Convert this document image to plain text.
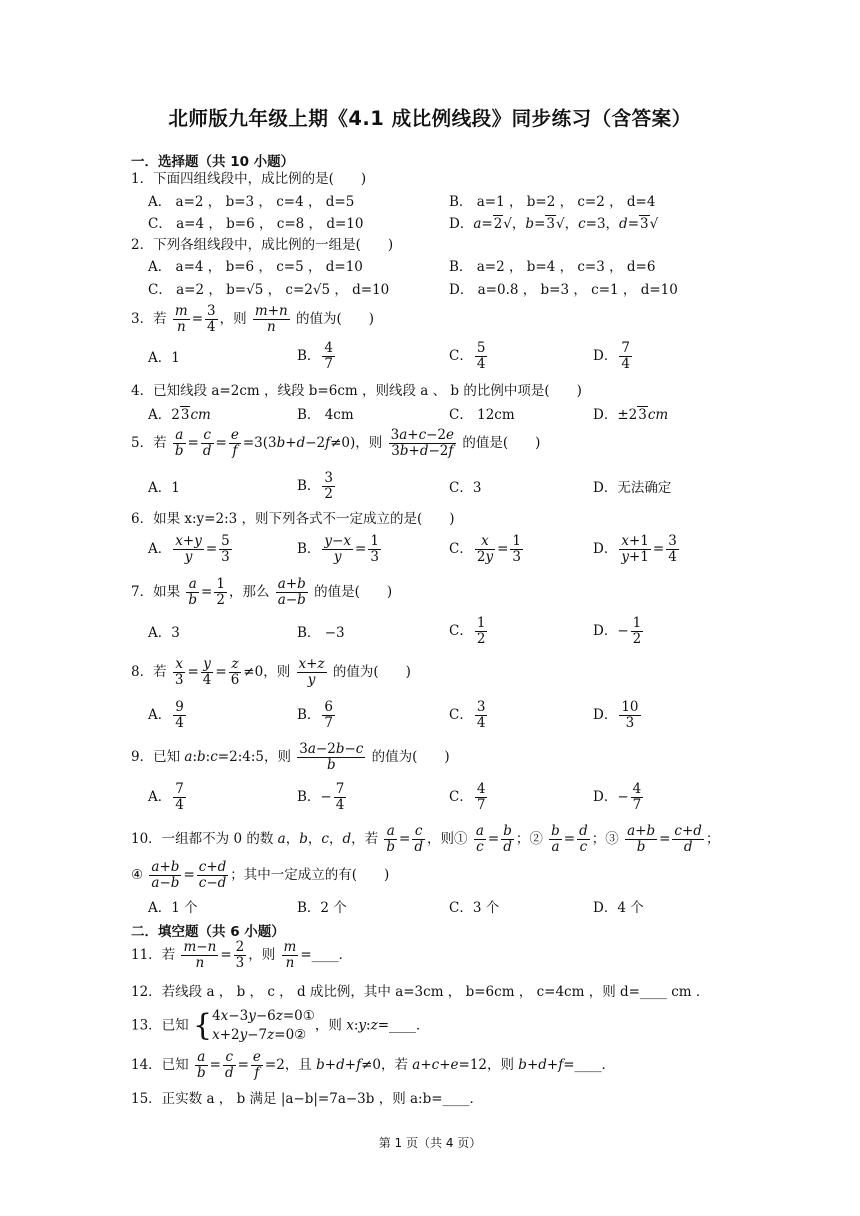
北师版九年级上期《4.1 成比例线段》同步练习（含答案）
一．选择题（共 10 小题）
1．下面四组线段中，成比例的是(　　)
A． a=2 ， b=3 ， c=4 ， d=5	B． a=1 ， b=2 ， c=2 ， d=4
C． a=4 ， b=6 ， c=8 ， d=10	D．a=2√，b=3√，c=3，d=3√
2．下列各组线段中，成比例的一组是(　　)
A． a=4 ， b=6 ， c=5 ， d=10	B． a=2 ， b=4 ， c=3 ， d=6
C． a=2 ， b=√5 ， c=2√5 ， d=10	D． a=0.8 ， b=3 ， c=1 ， d=10
3．若 $\frac{m}{n} = \frac{3}{4}$ ，则 $\frac{m+n}{n}$ 的值为(　　)
A．1	B． $\frac{4}{7}$	C． $\frac{5}{4}$	D． $\frac{7}{4}$
4．已知线段 a=2cm ，线段 b=6cm ，则线段 a 、 b 的比例中项是(　　)
A．23cm	B． 4cm	C． 12cm	D．±23cm
5．若 $\frac{a}{b} = \frac{c}{d} = \frac{e}{f} =3(3b+d-2f\ne 0)$，则 $\frac{3a+c-2e}{3b+d-2f}$ 的值是(　　)
A．1	B． $\frac{3}{2}$	C．3	D．无法确定
6．如果 x:y=2:3 ，则下列各式不一定成立的是(　　)
A． $\frac{x+y}{y} = \frac{5}{3}$	B． $\frac{y-x}{y} = \frac{1}{3}$	C． $\frac{x}{2y} = \frac{1}{3}$	D． $\frac{x+1}{y+1} = \frac{3}{4}$
7．如果 $\frac{a}{b} = \frac{1}{2}$ ，那么 $\frac{a+b}{a-b}$ 的值是(　　)
A．3	B． −3	C． $\frac{1}{2}$	D．− $\frac{1}{2}$
8．若 $\frac{x}{3} = \frac{y}{4} = \frac{z}{6} \ne 0$，则 $\frac{x+z}{y}$ 的值为(　　)
A． $\frac{9}{4}$	B． $\frac{6}{7}$	C． $\frac{3}{4}$	D． $\frac{10}{3}$
9．已知 a:b:c=2:4:5，则 $\frac{3a-2b-c}{b}$ 的值为(　　)
A． $\frac{7}{4}$	B．− $\frac{7}{4}$	C． $\frac{4}{7}$	D．− $\frac{4}{7}$
10．一组都不为 0 的数 a，b，c，d，若 $\frac{a}{b} = \frac{c}{d}$ ，则① $\frac{a}{c} = \frac{b}{d}$ ；② $\frac{b}{a} = \frac{d}{c}$ ；③ $\frac{a+b}{b} = \frac{c+d}{d}$ ；
④ $\frac{a+b}{a-b} = \frac{c+d}{c-d}$ ；其中一定成立的有(　　)
A．1 个	B．2 个	C．3 个	D．4 个
二．填空题（共 6 小题）
11．若 $\frac{m-n}{n} = \frac{2}{3}$ ，则 $\frac{m}{n}$ =____．
12．若线段 a ， b ， c ， d 成比例，其中 a=3cm ， b=6cm ， c=4cm ，则 d=____ cm ．
13．已知 { 4x−3y−6z=0①
x+2y−7z=0②
，则 x:y:z=____．
14．已知 $\frac{a}{b} = \frac{c}{d} = \frac{e}{f} =2$，且 b+d+f≠0，若 a+c+e=12，则 b+d+f=____．
15．正实数 a ， b 满足 |a−b|=7a−3b ，则 a:b=____．
第 1 页（共 4 页）
